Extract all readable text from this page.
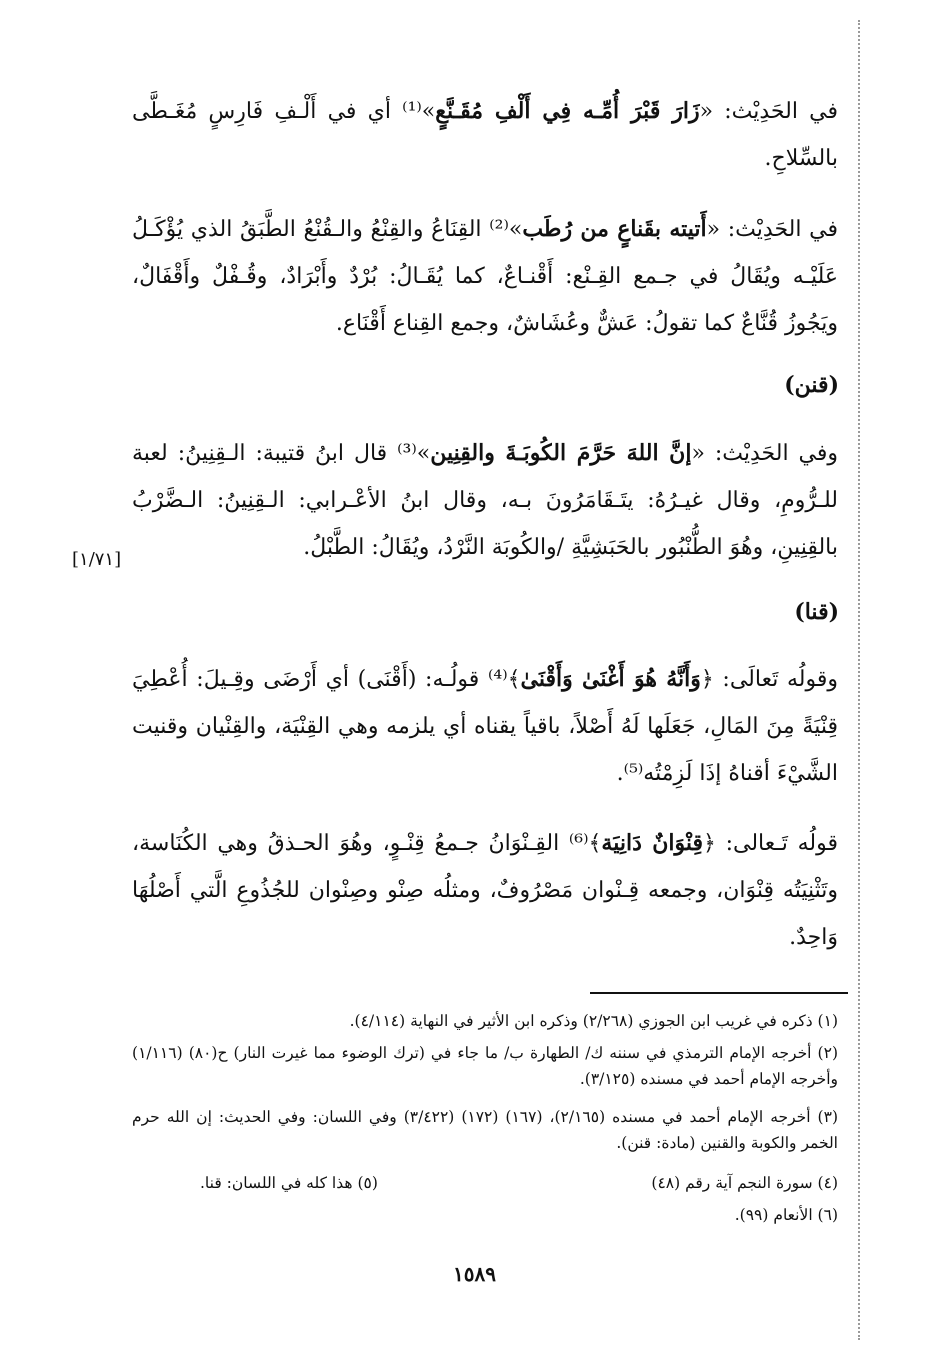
في الحَدِيْث: «زَارَ قَبْرَ أُمِّـه فِي أَلْفِ مُقَـنَّعٍ»⁽¹⁾ أي في أَلْـفِ فَارِسٍ مُغَـطَّى بالسِّلاحِ.
في الحَدِيْث: «أَتيته بقَناعٍ من رُطَب»⁽²⁾ القِنَاعُ والقِنْعُ والـقُنْعُ الطَّبَقُ الذي يُؤْكَـلُ عَلَيْـه ويُقَالُ في جـمع القِـنْع: أَقْنـاعٌ، كما يُقَـالُ: بُرْدٌ وأَبْرَادٌ، وقُـفْلٌ وأَقْفَالٌ، ويَجُوزُ قُنَّاعٌ كما تقولُ: عَشٌّ وعُشَاشٌ، وجمع القِناع أَقْنَاع.
(قنن)
وفي الحَدِيْث: «إنَّ اللهَ حَرَّمَ الكُوبَـةَ والقِنِين»⁽³⁾ قال ابنُ قتيبة: الـقِنِينُ: لعبة للـرُّومِ، وقال غيـرُهُ: يتَـقَامَرُونَ بـه، وقال ابنُ الأعْـرابي: الـقِنِينُ: الـضَّرْبُ بالقِنِينِ، وهُوَ الطُّنْبُور بالحَبَشِيَّةِ /والكُوبَة النَّرْدُ، ويُقَالُ: الطَّبْلُ.
[١/٧١]
(قنا)
وقولُه تَعالَى: ﴿وَأَنَّهُ هُوَ أَغْنَىٰ وَأَقْنَىٰ﴾⁽⁴⁾ قولُـه: (أَقْنَى) أي أَرْضَى وقِـيلَ: أُعْطِيَ قِنْيَةً مِنَ المَالِ، جَعَلَها لَهُ أَصْلاً، باقياً يقناه أي يلزمه وهي القِنْيَة، والقِنْيان وقنيت الشَّيْءَ أقناهُ إذَا لَزِمْتُه⁽⁵⁾.
قولُه تَـعالى: ﴿قِنْوَانٌ دَانِيَة﴾⁽⁶⁾ القِـنْوَانُ جـمعُ قِنْـوٍ، وهُوَ الحـذقُ وهي الكُنَاسة، وتَثْنِيَتُه قِنْوَان، وجمعه قِـنْوان مَصْرُوفٌ، ومثلُه صِنْو وصِنْوان للجُذُوعِ الَّتي أَصْلُهَا وَاحِدٌ.
(١) ذكره في غريب ابن الجوزي (٢/٢٦٨) وذكره ابن الأثير في النهاية (٤/١١٤).
(٢) أخرجه الإمام الترمذي في سننه ك/ الطهارة ب/ ما جاء في (ترك الوضوء مما غيرت النار) ح(٨٠) (١/١١٦) وأخرجه الإمام أحمد في مسنده (٣/١٢٥).
(٣) أخرجه الإمام أحمد في مسنده (٢/١٦٥)، (١٦٧) (١٧٢) (٣/٤٢٢) وفي اللسان: وفي الحديث: إن الله حرم الخمر والكوبة والقنين (مادة: قنن).
(٤) سورة النجم آية رقم (٤٨)
(٥) هذا كله في اللسان: قنا.
(٦) الأنعام (٩٩).
١٥٨٩
